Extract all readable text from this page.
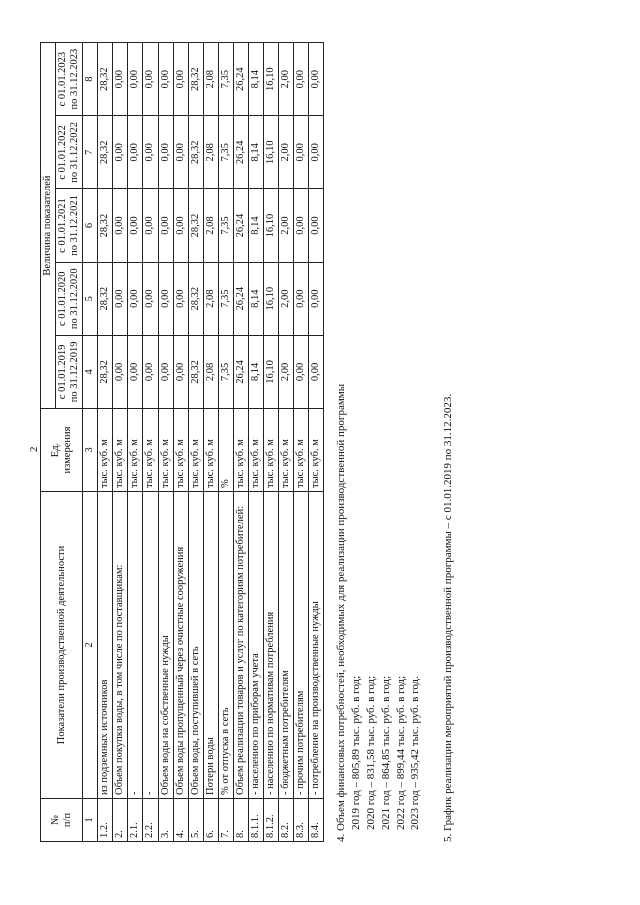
2
№
п/п	Показатели производственной деятельности	Ед.
измерения	Величина показателей				
			с 01.01.2019
по 31.12.2019	с 01.01.2020
по 31.12.2020	с 01.01.2021
по 31.12.2021	с 01.01.2022
по 31.12.2022	с 01.01.2023
по 31.12.2023
1	2	3	4	5	6	7	8
1.2.	из подземных источников	тыс. куб. м	28,32	28,32	28,32	28,32	28,32
2.	Объем покупки воды, в том числе по поставщикам:	тыс. куб. м	0,00	0,00	0,00	0,00	0,00
2.1.	-	тыс. куб. м	0,00	0,00	0,00	0,00	0,00
2.2.	-	тыс. куб. м	0,00	0,00	0,00	0,00	0,00
3.	Объем воды на собственные нужды	тыс. куб. м	0,00	0,00	0,00	0,00	0,00
4.	Объем воды пропущенный через очистные сооружения	тыс. куб. м	0,00	0,00	0,00	0,00	0,00
5.	Объем воды, поступившей в сеть	тыс. куб. м	28,32	28,32	28,32	28,32	28,32
6.	Потери воды	тыс. куб. м	2,08	2,08	2,08	2,08	2,08
7.	% от отпуска в сеть	%	7,35	7,35	7,35	7,35	7,35
8.	Объем реализации товаров и услуг по категориям потребителей:	тыс. куб. м	26,24	26,24	26,24	26,24	26,24
8.1.1.	- населению по приборам учета	тыс. куб. м	8,14	8,14	8,14	8,14	8,14
8.1.2.	- населению по нормативам потребления	тыс. куб. м	16,10	16,10	16,10	16,10	16,10
8.2.	- бюджетным потребителям	тыс. куб. м	2,00	2,00	2,00	2,00	2,00
8.3.	- прочим потребителям	тыс. куб. м	0,00	0,00	0,00	0,00	0,00
8.4.	- потребление на производственные нужды	тыс. куб. м	0,00	0,00	0,00	0,00	0,00

4. Объем финансовых потребностей, необходимых для реализации производственной программы 2019 год – 805,89 тыс. руб. в год; 2020 год – 831,58 тыс. руб. в год; 2021 год – 864,85 тыс. руб. в год; 2022 год – 899,44 тыс. руб. в год; 2023 год – 935,42 тыс. руб. в год. 5. График реализации мероприятий производственной программы – с 01.01.2019 по 31.12.2023.
